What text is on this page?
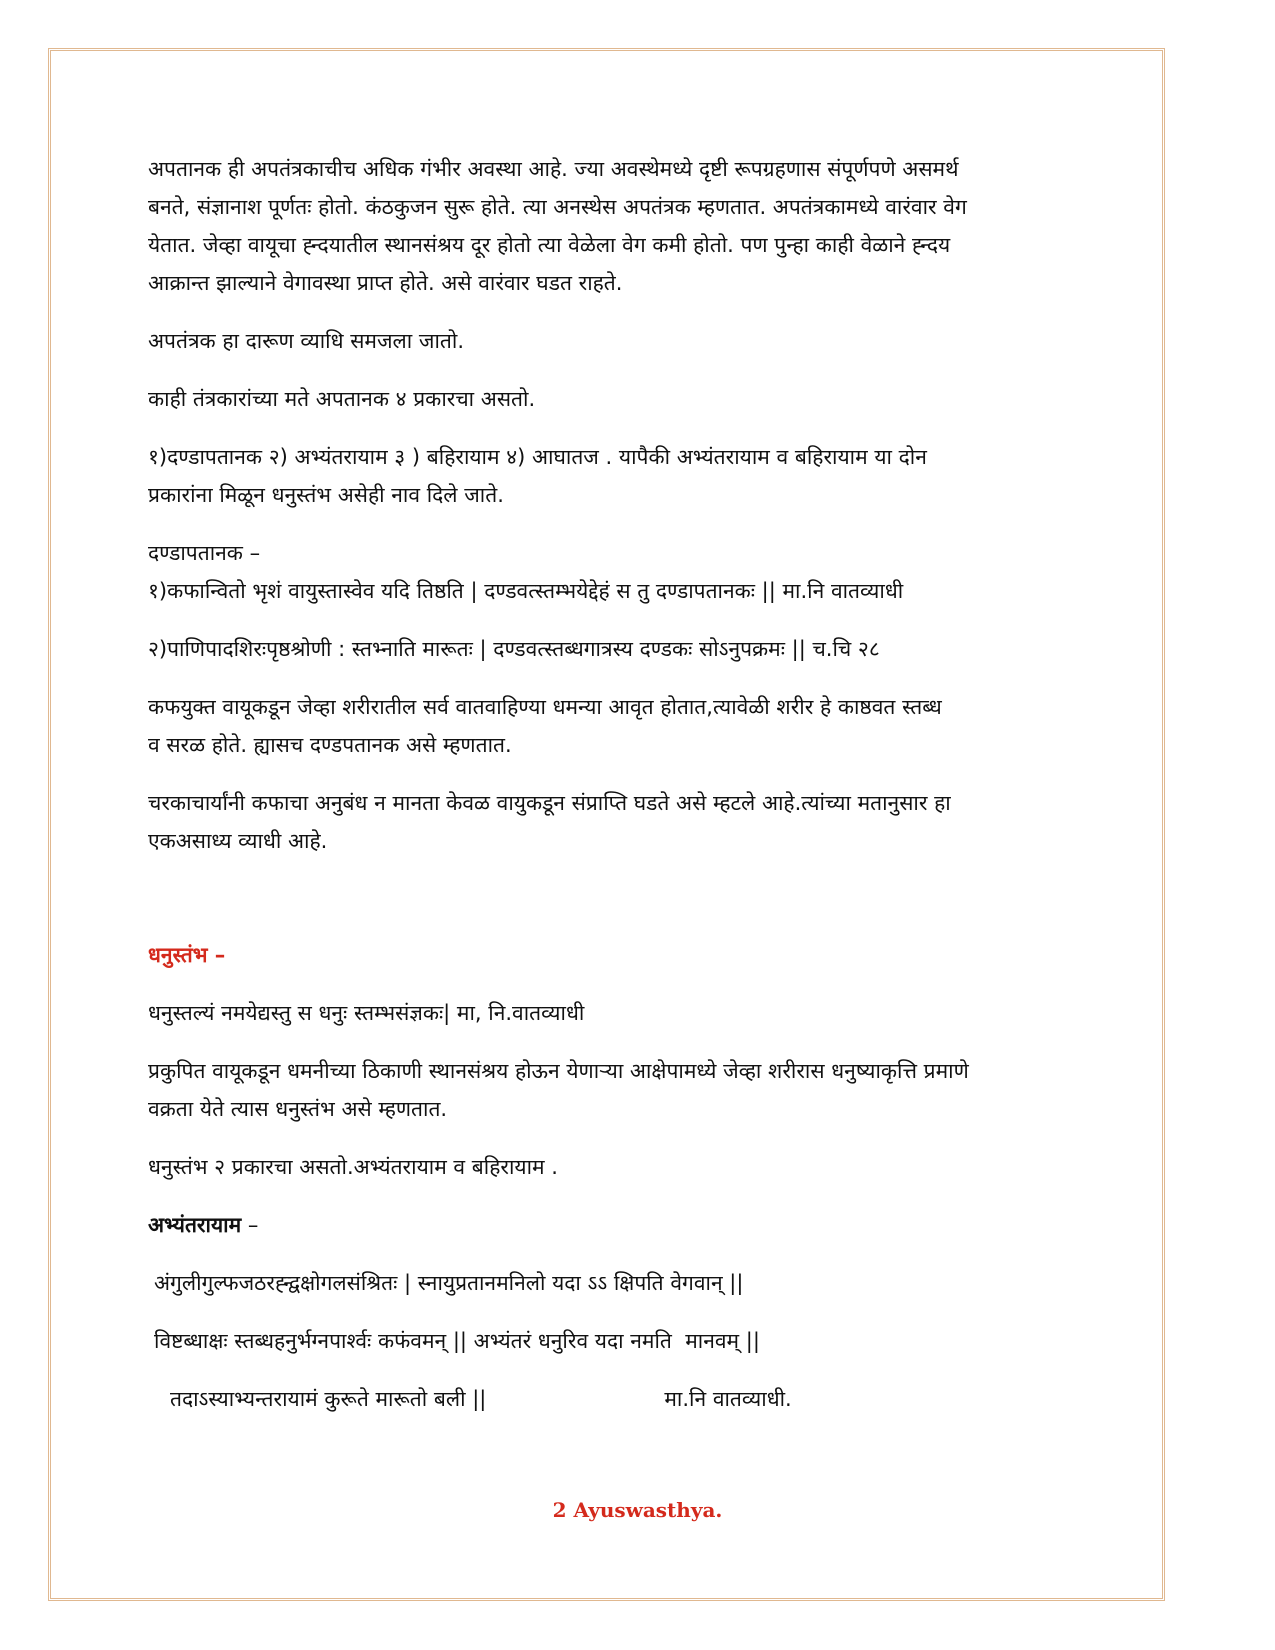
अपतानक ही अपतंत्रकाचीच अधिक गंभीर अवस्था आहे. ज्या अवस्थेमध्ये दृष्टी रूपग्रहणास संपूर्णपणे असमर्थ
बनते, संज्ञानाश पूर्णतः होतो. कंठकुजन सुरू होते. त्या अनस्थेस अपतंत्रक म्हणतात. अपतंत्रकामध्ये वारंवार वेग
येतात. जेव्हा वायूचा ह्न्दयातील स्थानसंश्रय दूर होतो त्या वेळेला वेग कमी होतो. पण पुन्हा काही वेळाने ह्न्दय
आक्रान्त झाल्याने वेगावस्था प्राप्त होते. असे वारंवार घडत राहते.
अपतंत्रक हा दारूण व्याधि समजला जातो.
काही तंत्रकारांच्या मते अपतानक ४ प्रकारचा असतो.
१)दण्डापतानक २) अभ्यंतरायाम ३ ) बहिरायाम ४) आघातज . यापैकी अभ्यंतरायाम व बहिरायाम या दोन
प्रकारांना मिळून धनुस्तंभ असेही नाव दिले जाते.
दण्डापतानक –
१)कफान्वितो भृशं वायुस्तास्वेव यदि तिष्ठति | दण्डवत्स्तम्भयेद्देहं स तु दण्डापतानकः || मा.नि वातव्याधी
२)पाणिपादशिरःपृष्ठश्रोणी : स्तभ्नाति मारूतः | दण्डवत्स्तब्धगात्रस्य दण्डकः सोऽनुपक्रमः || च.चि २८
कफयुक्त वायूकडून जेव्हा शरीरातील सर्व वातवाहिण्या धमन्या आवृत होतात,त्यावेळी शरीर हे काष्ठवत स्तब्ध
व सरळ होते. ह्यासच दण्डपतानक असे म्हणतात.
चरकाचार्यांनी कफाचा अनुबंध न मानता केवळ वायुकडून संप्राप्ति घडते असे म्हटले आहे.त्यांच्या मतानुसार हा
एकअसाध्य व्याधी आहे.
धनुस्तंभ –
धनुस्तल्यं नमयेद्यस्तु स धनुः स्तम्भसंज्ञकः| मा, नि.वातव्याधी
प्रकुपित वायूकडून धमनीच्या ठिकाणी स्थानसंश्रय होऊन येणाऱ्या आक्षेपामध्ये जेव्हा शरीरास धनुष्याकृत्ति प्रमाणे
वक्रता येते त्यास धनुस्तंभ असे म्हणतात.
धनुस्तंभ २ प्रकारचा असतो.अभ्यंतरायाम व बहिरायाम .
अभ्यंतरायाम –
अंगुलीगुल्फजठरह्न्द्वक्षोगलसंश्रितः | स्नायुप्रतानमनिलो यदा ऽऽ क्षिपति वेगवान् ||
विष्टब्धाक्षः स्तब्धहनुर्भग्नपार्श्वः कफंवमन् || अभ्यंतरं धनुरिव यदा नमति  मानवम् ||
तदाऽस्याभ्यन्तरायामं कुरूते मारूतो बली ||	मा.नि वातव्याधी.
2 Ayuswasthya.
